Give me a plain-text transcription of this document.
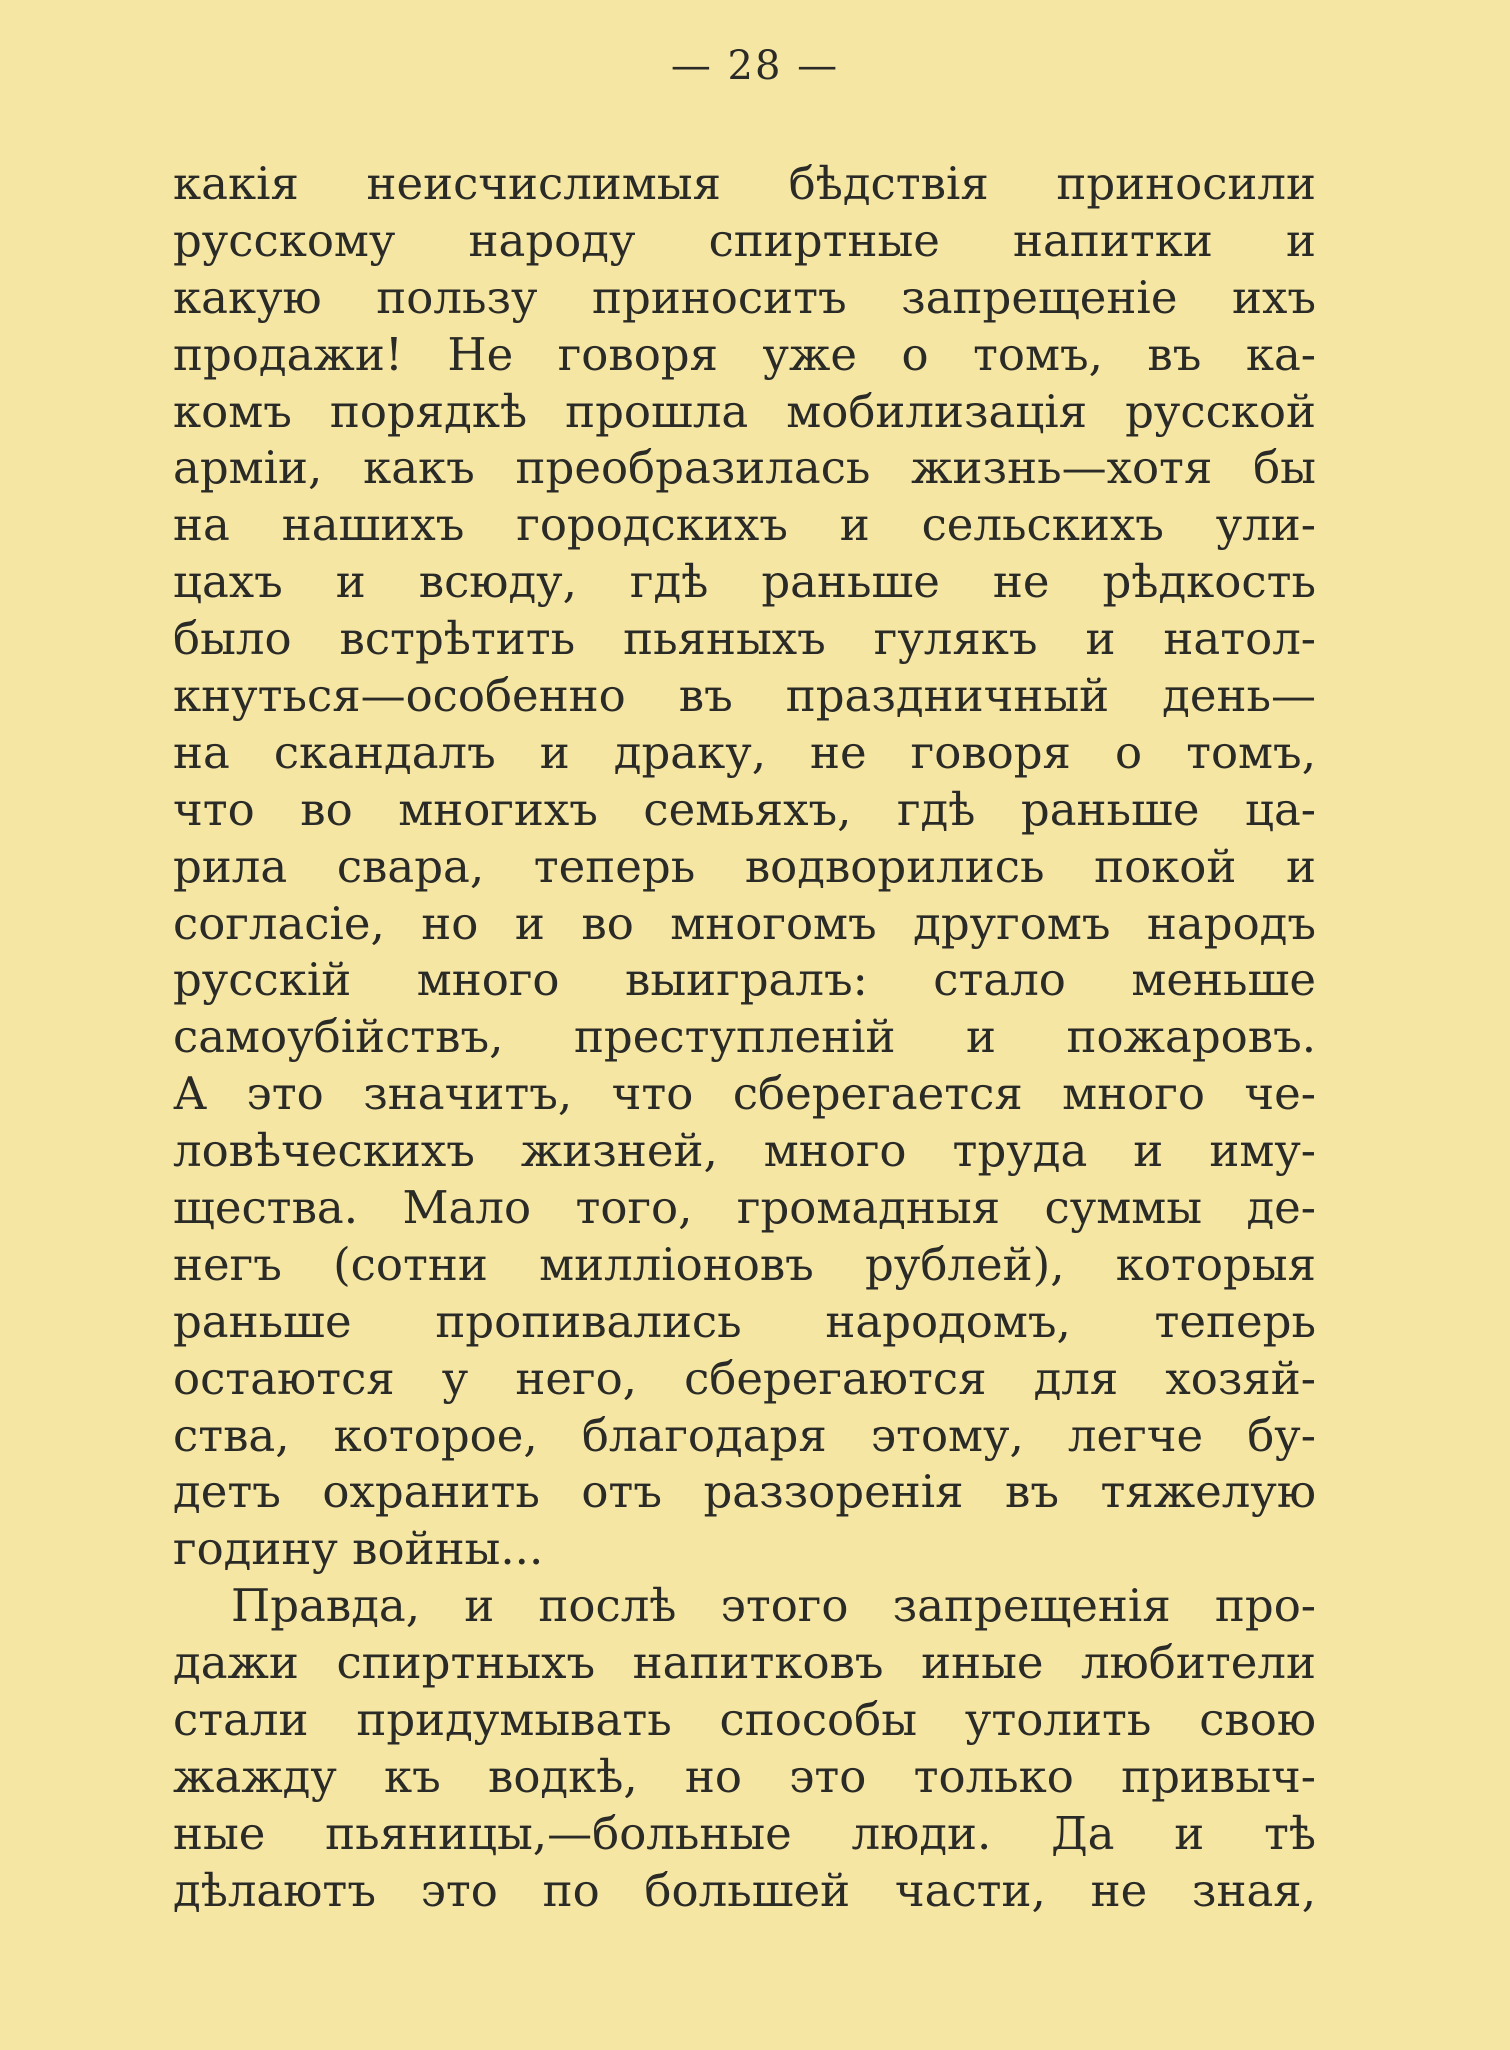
— 28 —
какія неисчислимыя бѣдствія приносили
русскому народу спиртные напитки и
какую пользу приноситъ запрещеніе ихъ
продажи! Не говоря уже о томъ, въ ка-
комъ порядкѣ прошла мобилизація русской
арміи, какъ преобразилась жизнь—хотя бы
на нашихъ городскихъ и сельскихъ ули-
цахъ и всюду, гдѣ раньше не рѣдкость
было встрѣтить пьяныхъ гулякъ и натол-
кнуться—особенно въ праздничный день—
на скандалъ и драку, не говоря о томъ,
что во многихъ семьяхъ, гдѣ раньше ца-
рила свара, теперь водворились покой и
согласіе, но и во многомъ другомъ народъ
русскій много выигралъ: стало меньше
самоубійствъ, преступленій и пожаровъ.
А это значитъ, что сберегается много че-
ловѣческихъ жизней, много труда и иму-
щества. Мало того, громадныя суммы де-
негъ (сотни милліоновъ рублей), которыя
раньше пропивались народомъ, теперь
остаются у него, сберегаются для хозяй-
ства, которое, благодаря этому, легче бу-
детъ охранить отъ раззоренія въ тяжелую
годину войны...
Правда, и послѣ этого запрещенія про-
дажи спиртныхъ напитковъ иные любители
стали придумывать способы утолить свою
жажду къ водкѣ, но это только привыч-
ные пьяницы,—больные люди. Да и тѣ
дѣлаютъ это по большей части, не зная,
